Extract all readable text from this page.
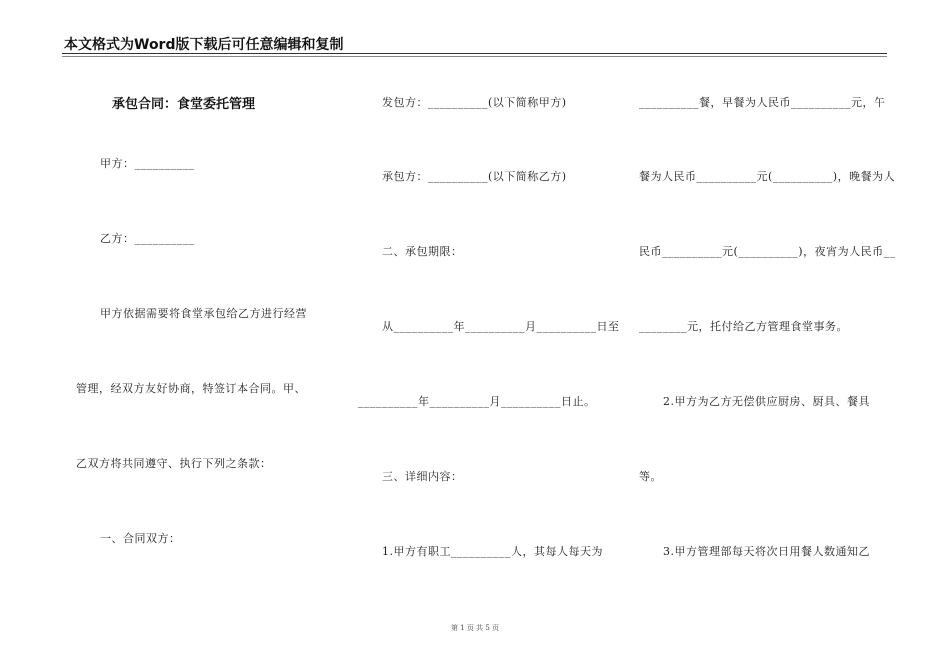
本文格式为Word版下载后可任意编辑和复制
承包合同：食堂委托管理
甲方：__________
乙方：__________
甲方依据需要将食堂承包给乙方进行经营
管理，经双方友好协商，特签订本合同。甲、
乙双方将共同遵守、执行下列之条款：
一、合同双方：
发包方：__________(以下简称甲方)
承包方：__________(以下简称乙方)
二、承包期限：
从__________年__________月__________日至
__________年__________月__________日止。
三、详细内容：
1.甲方有职工__________人，其每人每天为
__________餐，早餐为人民币__________元，午
餐为人民币__________元(__________)，晚餐为人
民币__________元(__________)，夜宵为人民币__
________元，托付给乙方管理食堂事务。
2.甲方为乙方无偿供应厨房、厨具、餐具
等。
3.甲方管理部每天将次日用餐人数通知乙
第 1 页 共 5 页
